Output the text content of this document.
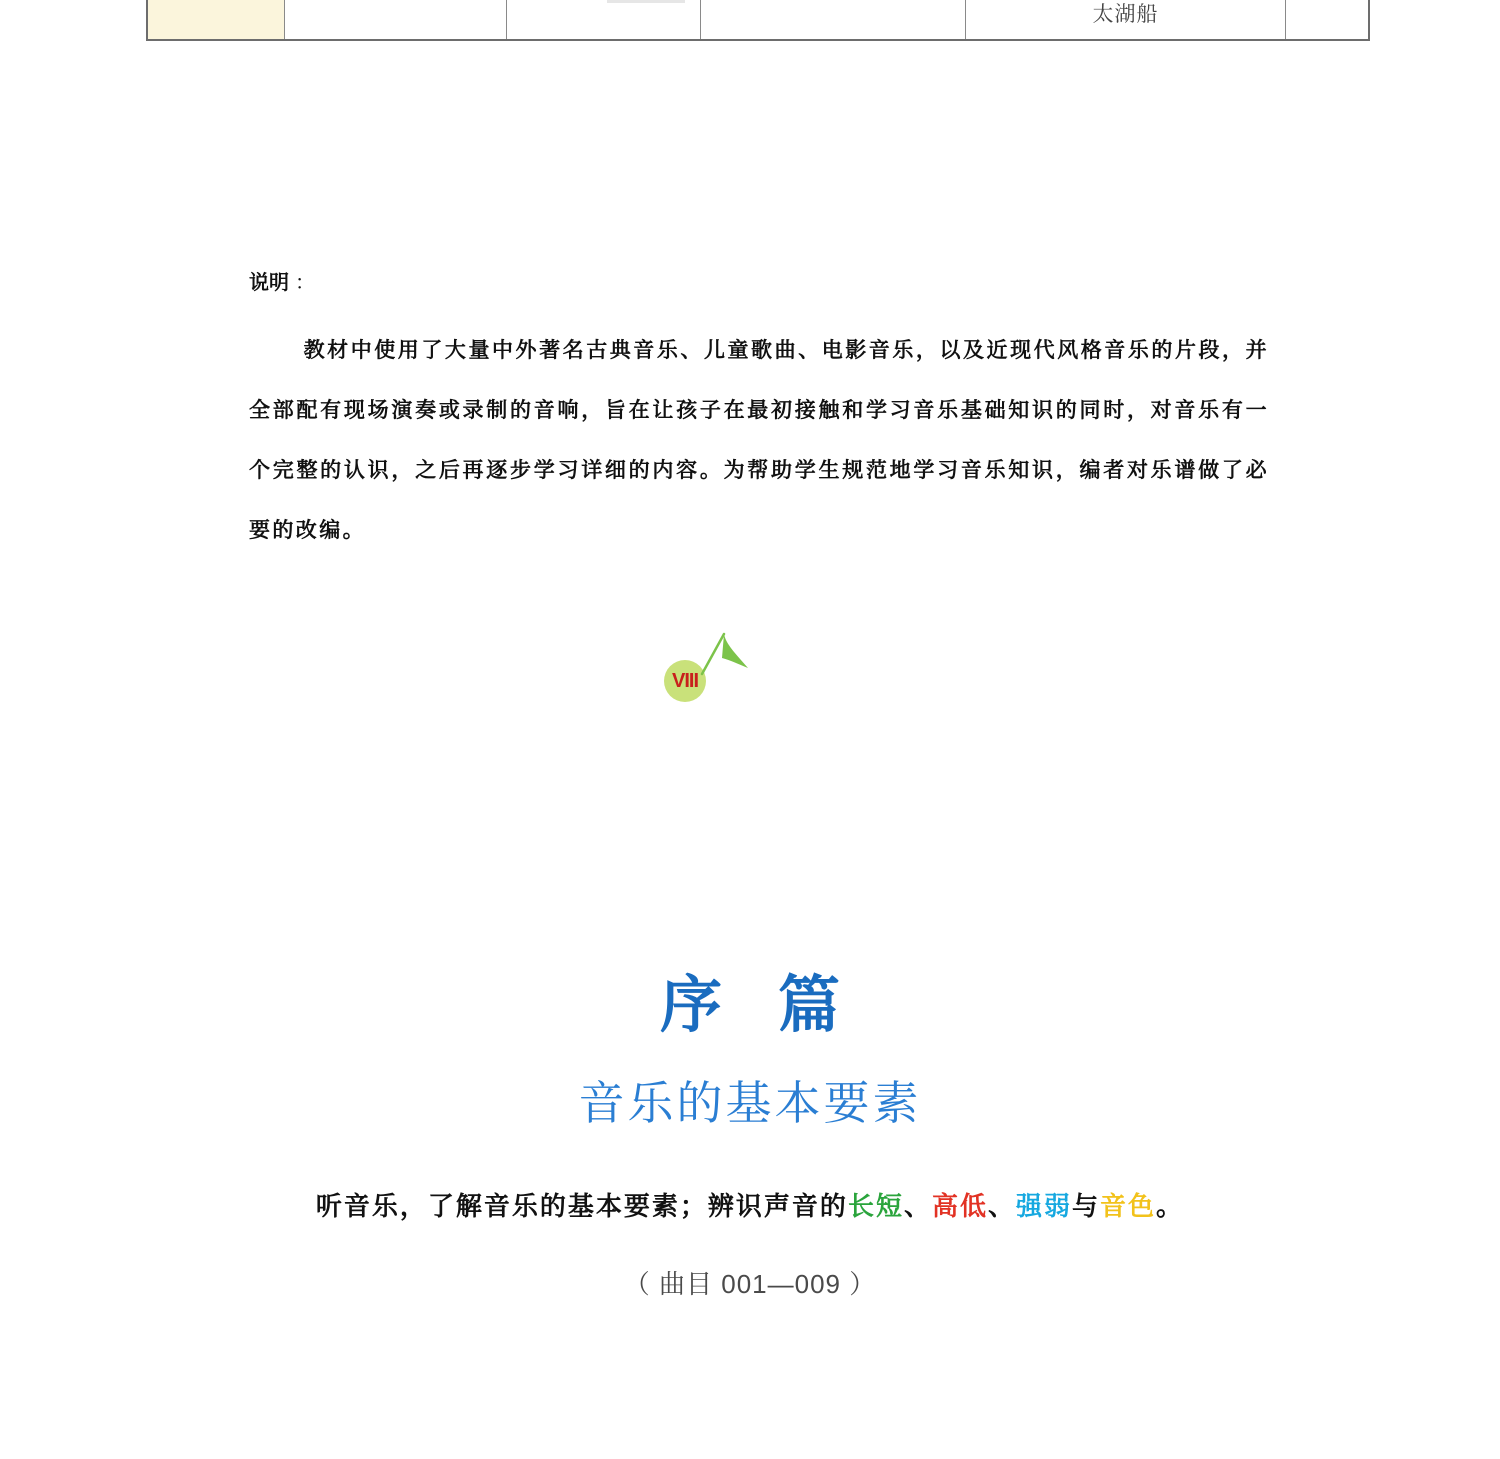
太湖船
说明 ：

教材中使用了大量中外著名古典音乐、儿童歌曲、电影音乐，以及近现代风格音乐的片段，并全部配有现场演奏或录制的音响，旨在让孩子在最初接触和学习音乐基础知识的同时，对音乐有一个完整的认识，之后再逐步学习详细的内容。为帮助学生规范地学习音乐知识，编者对乐谱做了必要的改编。

VIII
序篇
音乐的基本要素
听音乐，了解音乐的基本要素；辨识声音的长短、高低、强弱与音色。
（ 曲目 001—009 ）
